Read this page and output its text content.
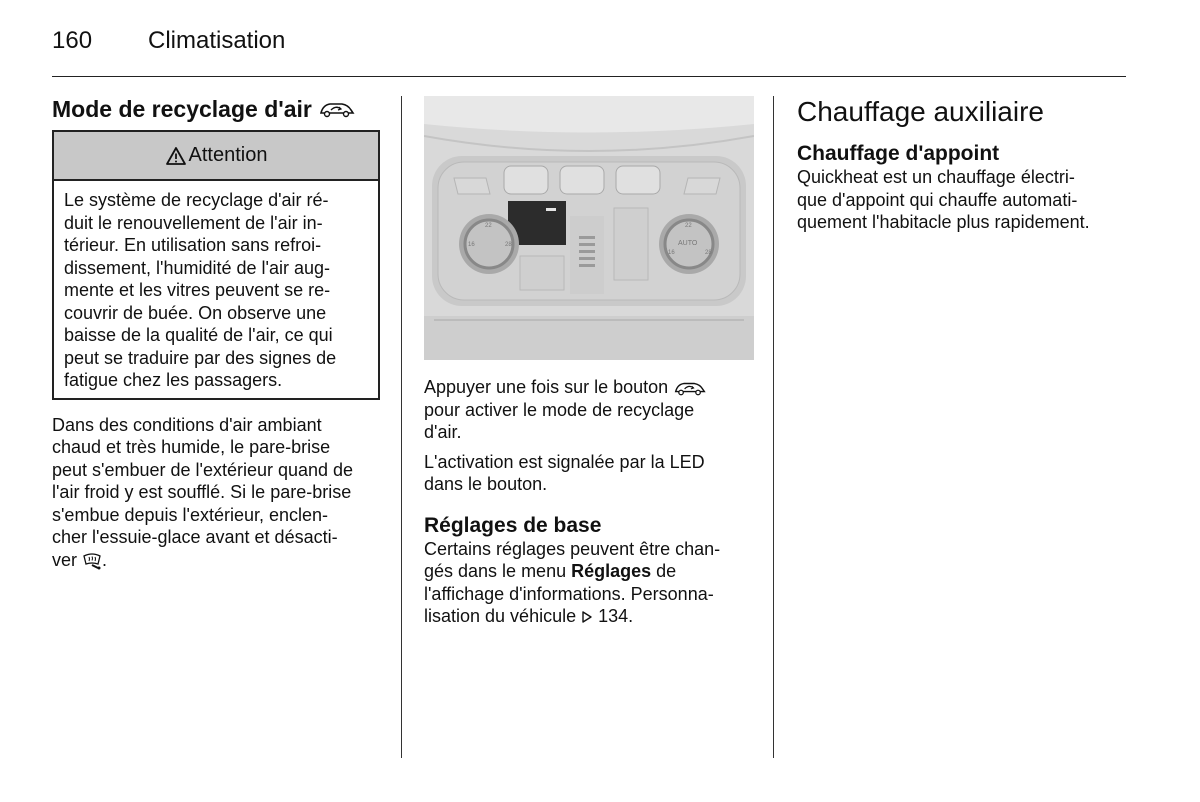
160 Climatisation
Mode de recyclage d'air
Attention

Le système de recyclage d'air ré-

duit le renouvellement de l'air in-

térieur. En utilisation sans refroi-

dissement, l'humidité de l'air aug-

mente et les vitres peuvent se re-

couvrir de buée. On observe une

baisse de la qualité de l'air, ce qui

peut se traduire par des signes de

fatigue chez les passagers.

Dans des conditions d'air ambiant

chaud et très humide, le pare-brise

peut s'embuer de l'extérieur quand de

l'air froid y est soufflé. Si le pare-brise

s'embue depuis l'extérieur, enclen-

cher l'essuie-glace avant et désacti-

ver .

22
16	28
22
AUTO
16	28

Appuyer une fois sur le bouton

pour activer le mode de recyclage

d'air.

L'activation est signalée par la LED

dans le bouton.

Réglages de base

Certains réglages peuvent être chan-

gés dans le menu Réglages de

l'affichage d'informations. Personna-

lisation du véhicule  134.

Chauffage auxiliaire
Chauffage d'appoint

Quickheat est un chauffage électri-

que d'appoint qui chauffe automati-

quement l'habitacle plus rapidement.
